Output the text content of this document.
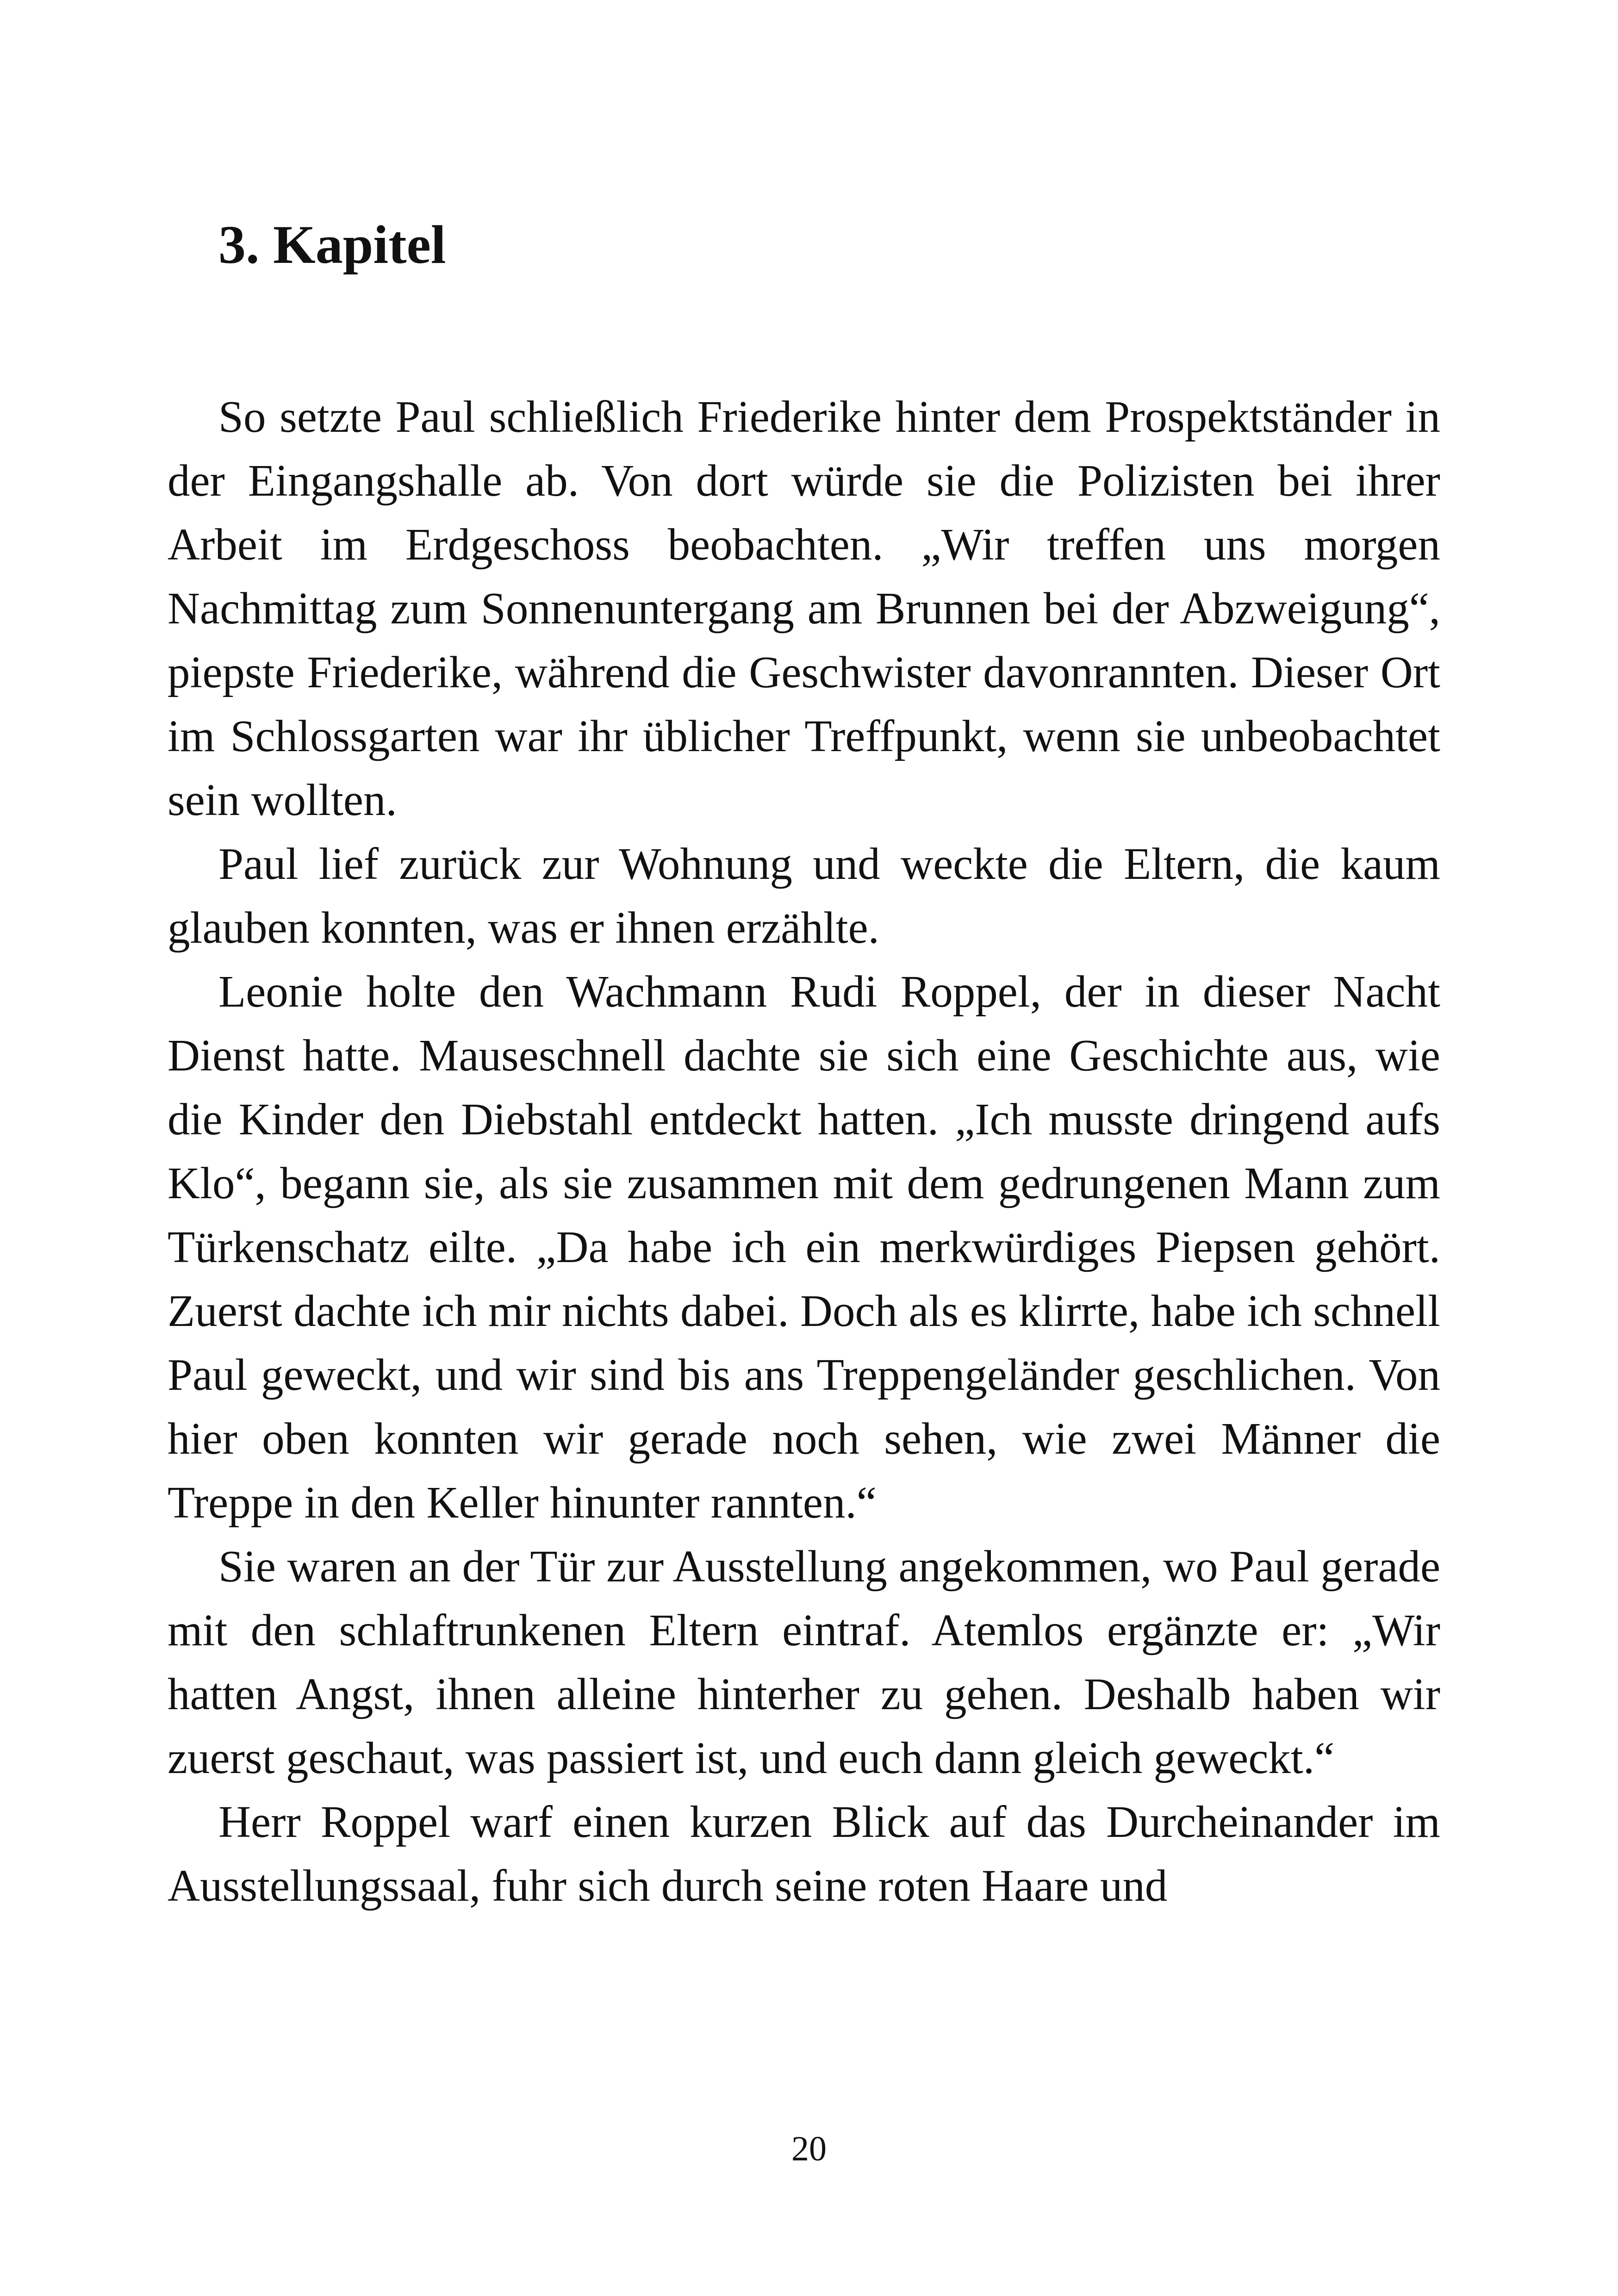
3. Kapitel

So setzte Paul schließlich Friederike hinter dem Prospektständer in der Eingangshalle ab. Von dort würde sie die Polizisten bei ihrer Arbeit im Erdgeschoss beobachten. „Wir treffen uns morgen Nachmittag zum Sonnenuntergang am Brunnen bei der Abzweigung“, piepste Friederike, während die Geschwister davonrannten. Dieser Ort im Schlossgarten war ihr üblicher Treffpunkt, wenn sie unbeobachtet sein wollten.

Paul lief zurück zur Wohnung und weckte die Eltern, die kaum glauben konnten, was er ihnen erzählte.

Leonie holte den Wachmann Rudi Roppel, der in dieser Nacht Dienst hatte. Mauseschnell dachte sie sich eine Geschichte aus, wie die Kinder den Diebstahl entdeckt hatten. „Ich musste dringend aufs Klo“, begann sie, als sie zusammen mit dem gedrungenen Mann zum Türkenschatz eilte. „Da habe ich ein merkwürdiges Piepsen gehört. Zuerst dachte ich mir nichts dabei. Doch als es klirrte, habe ich schnell Paul geweckt, und wir sind bis ans Treppengeländer geschlichen. Von hier oben konnten wir gerade noch sehen, wie zwei Männer die Treppe in den Keller hinunter rannten.“

Sie waren an der Tür zur Ausstellung angekommen, wo Paul gerade mit den schlaftrunkenen Eltern eintraf. Atemlos ergänzte er: „Wir hatten Angst, ihnen alleine hinterher zu gehen. Deshalb haben wir zuerst geschaut, was passiert ist, und euch dann gleich geweckt.“

Herr Roppel warf einen kurzen Blick auf das Durcheinander im Ausstellungssaal, fuhr sich durch seine roten Haare und

20
